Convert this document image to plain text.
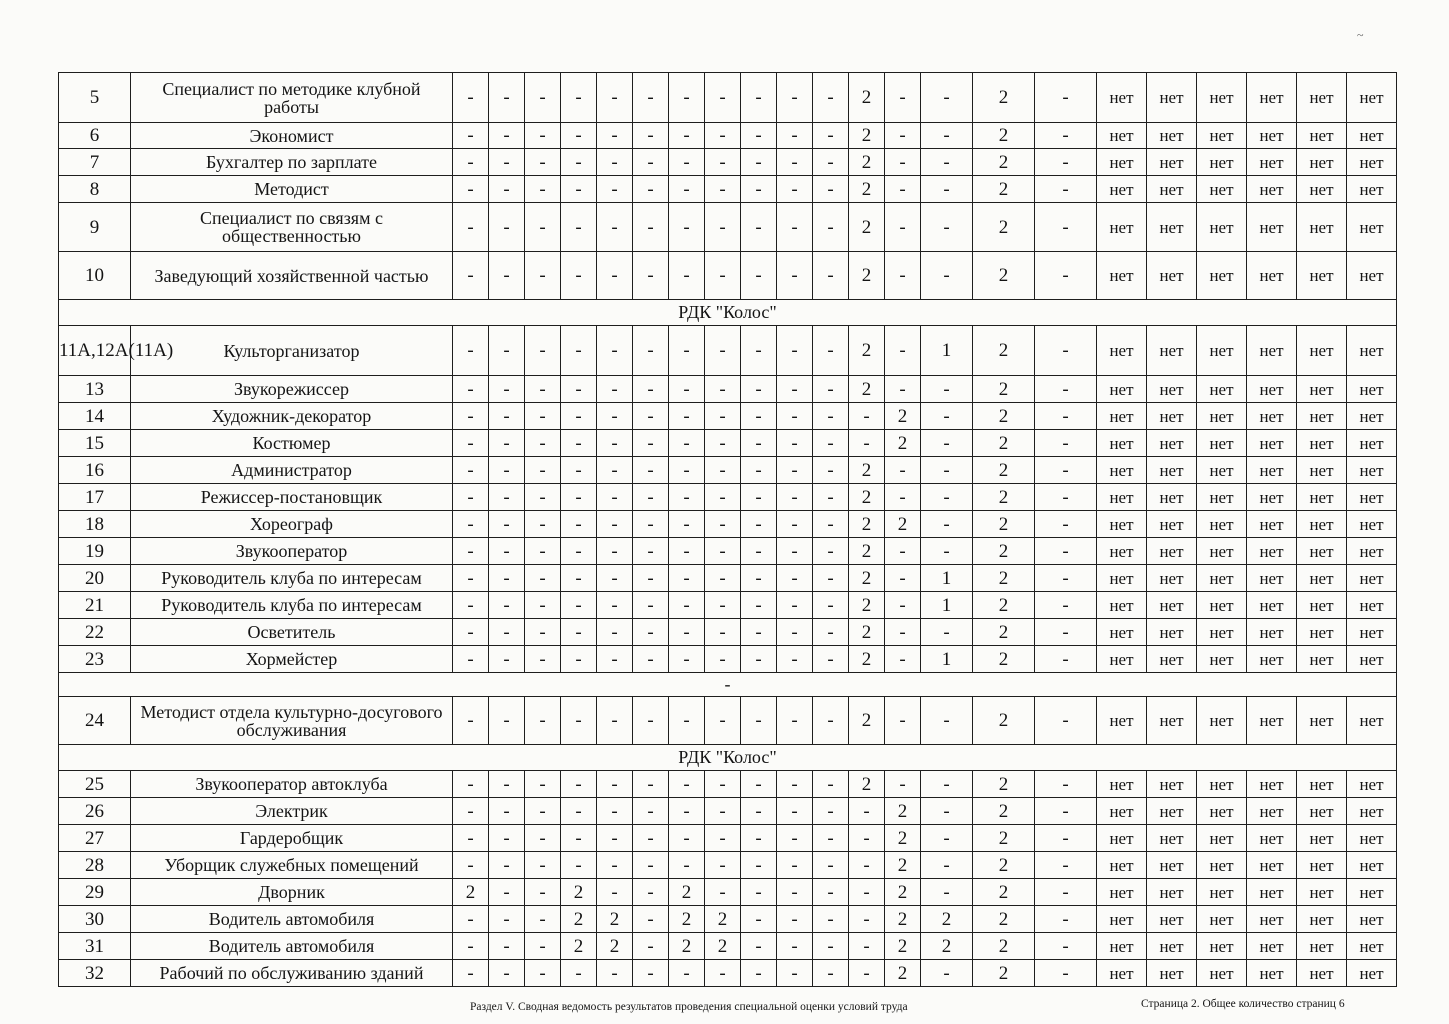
~
5	Специалист по методике клубной работы	-	-	-	-	-	-	-	-	-	-	-	2	-	-	2	-	нет	нет	нет	нет	нет	нет
6	Экономист	-	-	-	-	-	-	-	-	-	-	-	2	-	-	2	-	нет	нет	нет	нет	нет	нет
7	Бухгалтер по зарплате	-	-	-	-	-	-	-	-	-	-	-	2	-	-	2	-	нет	нет	нет	нет	нет	нет
8	Методист	-	-	-	-	-	-	-	-	-	-	-	2	-	-	2	-	нет	нет	нет	нет	нет	нет
9	Специалист по связям с общественностью	-	-	-	-	-	-	-	-	-	-	-	2	-	-	2	-	нет	нет	нет	нет	нет	нет
10	Заведующий хозяйственной частью	-	-	-	-	-	-	-	-	-	-	-	2	-	-	2	-	нет	нет	нет	нет	нет	нет
РДК "Колос"																							
11А,12А(11А)	Культорганизатор	-	-	-	-	-	-	-	-	-	-	-	2	-	1	2	-	нет	нет	нет	нет	нет	нет
13	Звукорежиссер	-	-	-	-	-	-	-	-	-	-	-	2	-	-	2	-	нет	нет	нет	нет	нет	нет
14	Художник-декоратор	-	-	-	-	-	-	-	-	-	-	-	-	2	-	2	-	нет	нет	нет	нет	нет	нет
15	Костюмер	-	-	-	-	-	-	-	-	-	-	-	-	2	-	2	-	нет	нет	нет	нет	нет	нет
16	Администратор	-	-	-	-	-	-	-	-	-	-	-	2	-	-	2	-	нет	нет	нет	нет	нет	нет
17	Режиссер-постановщик	-	-	-	-	-	-	-	-	-	-	-	2	-	-	2	-	нет	нет	нет	нет	нет	нет
18	Хореограф	-	-	-	-	-	-	-	-	-	-	-	2	2	-	2	-	нет	нет	нет	нет	нет	нет
19	Звукооператор	-	-	-	-	-	-	-	-	-	-	-	2	-	-	2	-	нет	нет	нет	нет	нет	нет
20	Руководитель клуба по интересам	-	-	-	-	-	-	-	-	-	-	-	2	-	1	2	-	нет	нет	нет	нет	нет	нет
21	Руководитель клуба по интересам	-	-	-	-	-	-	-	-	-	-	-	2	-	1	2	-	нет	нет	нет	нет	нет	нет
22	Осветитель	-	-	-	-	-	-	-	-	-	-	-	2	-	-	2	-	нет	нет	нет	нет	нет	нет
23	Хормейстер	-	-	-	-	-	-	-	-	-	-	-	2	-	1	2	-	нет	нет	нет	нет	нет	нет
-																							
24	Методист отдела культурно-досугового обслуживания	-	-	-	-	-	-	-	-	-	-	-	2	-	-	2	-	нет	нет	нет	нет	нет	нет
РДК "Колос"																							
25	Звукооператор автоклуба	-	-	-	-	-	-	-	-	-	-	-	2	-	-	2	-	нет	нет	нет	нет	нет	нет
26	Электрик	-	-	-	-	-	-	-	-	-	-	-	-	2	-	2	-	нет	нет	нет	нет	нет	нет
27	Гардеробщик	-	-	-	-	-	-	-	-	-	-	-	-	2	-	2	-	нет	нет	нет	нет	нет	нет
28	Уборщик служебных помещений	-	-	-	-	-	-	-	-	-	-	-	-	2	-	2	-	нет	нет	нет	нет	нет	нет
29	Дворник	2	-	-	2	-	-	2	-	-	-	-	-	2	-	2	-	нет	нет	нет	нет	нет	нет
30	Водитель автомобиля	-	-	-	2	2	-	2	2	-	-	-	-	2	2	2	-	нет	нет	нет	нет	нет	нет
31	Водитель автомобиля	-	-	-	2	2	-	2	2	-	-	-	-	2	2	2	-	нет	нет	нет	нет	нет	нет
32	Рабочий по обслуживанию зданий	-	-	-	-	-	-	-	-	-	-	-	-	2	-	2	-	нет	нет	нет	нет	нет	нет
Раздел V. Сводная ведомость результатов проведения специальной оценки условий труда	Страница 2. Общее количество страниц 6
